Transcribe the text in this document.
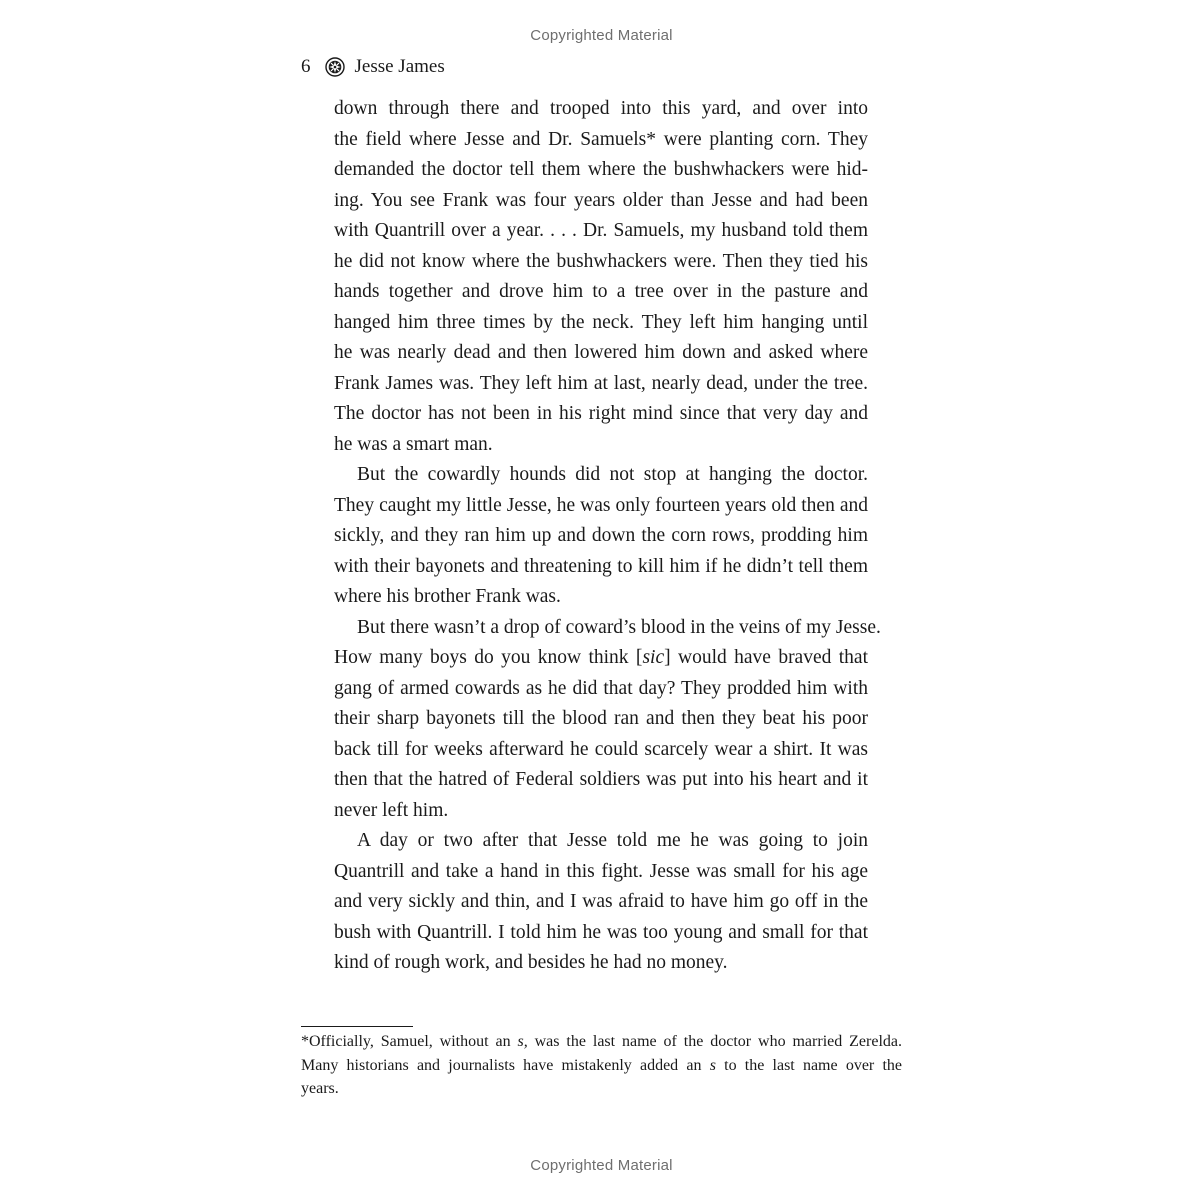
Copyrighted Material
6 Jesse James

down through there and trooped into this yard, and over into
the field where Jesse and Dr. Samuels* were planting corn. They
demanded the doctor tell them where the bushwhackers were hid-
ing. You see Frank was four years older than Jesse and had been
with Quantrill over a year. . . . Dr. Samuels, my husband told them
he did not know where the bushwhackers were. Then they tied his
hands together and drove him to a tree over in the pasture and
hanged him three times by the neck. They left him hanging until
he was nearly dead and then lowered him down and asked where
Frank James was. They left him at last, nearly dead, under the tree.
The doctor has not been in his right mind since that very day and
he was a smart man.

But the cowardly hounds did not stop at hanging the doctor.
They caught my little Jesse, he was only fourteen years old then and
sickly, and they ran him up and down the corn rows, prodding him
with their bayonets and threatening to kill him if he didn’t tell them
where his brother Frank was.

But there wasn’t a drop of coward’s blood in the veins of my Jesse.
How many boys do you know think [sic] would have braved that
gang of armed cowards as he did that day? They prodded him with
their sharp bayonets till the blood ran and then they beat his poor
back till for weeks afterward he could scarcely wear a shirt. It was
then that the hatred of Federal soldiers was put into his heart and it
never left him.

A day or two after that Jesse told me he was going to join
Quantrill and take a hand in this fight. Jesse was small for his age
and very sickly and thin, and I was afraid to have him go off in the
bush with Quantrill. I told him he was too young and small for that
kind of rough work, and besides he had no money.

*Officially, Samuel, without an s, was the last name of the doctor who married Zerelda.
Many historians and journalists have mistakenly added an s to the last name over the
years.
Copyrighted Material
